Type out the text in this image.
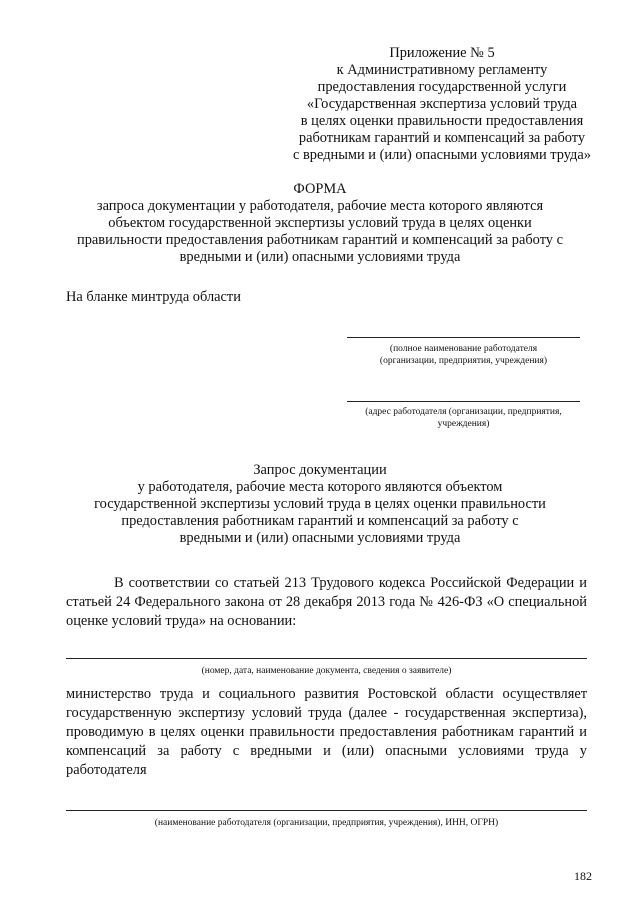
Приложение № 5
к Административному регламенту
предоставления государственной услуги
«Государственная экспертиза условий труда
в целях оценки правильности предоставления
работникам гарантий и компенсаций за работу
с вредными и (или) опасными условиями труда»
ФОРМА
запроса документации у работодателя, рабочие места которого являются
объектом государственной экспертизы условий труда в целях оценки
правильности предоставления работникам гарантий и компенсаций за работу с
вредными и (или) опасными условиями труда
На бланке минтруда области
(полное наименование работодателя
(организации, предприятия, учреждения)
(адрес работодателя (организации, предприятия,
учреждения)
Запрос документации
у работодателя, рабочие места которого являются объектом
государственной экспертизы условий труда в целях оценки правильности
предоставления работникам гарантий и компенсаций за работу с
вредными и (или) опасными условиями труда

В соответствии со статьей 213 Трудового кодекса Российской Федерации и статьей 24 Федерального закона от 28 декабря 2013 года № 426-ФЗ «О специальной оценке условий труда» на основании:

(номер, дата, наименование документа, сведения о заявителе)

министерство труда и социального развития Ростовской области осуществляет государственную экспертизу условий труда (далее - государственная экспертиза), проводимую в целях оценки правильности предоставления работникам гарантий и компенсаций за работу с вредными и (или) опасными условиями труда у работодателя

(наименование работодателя (организации, предприятия, учреждения), ИНН, ОГРН)
182
